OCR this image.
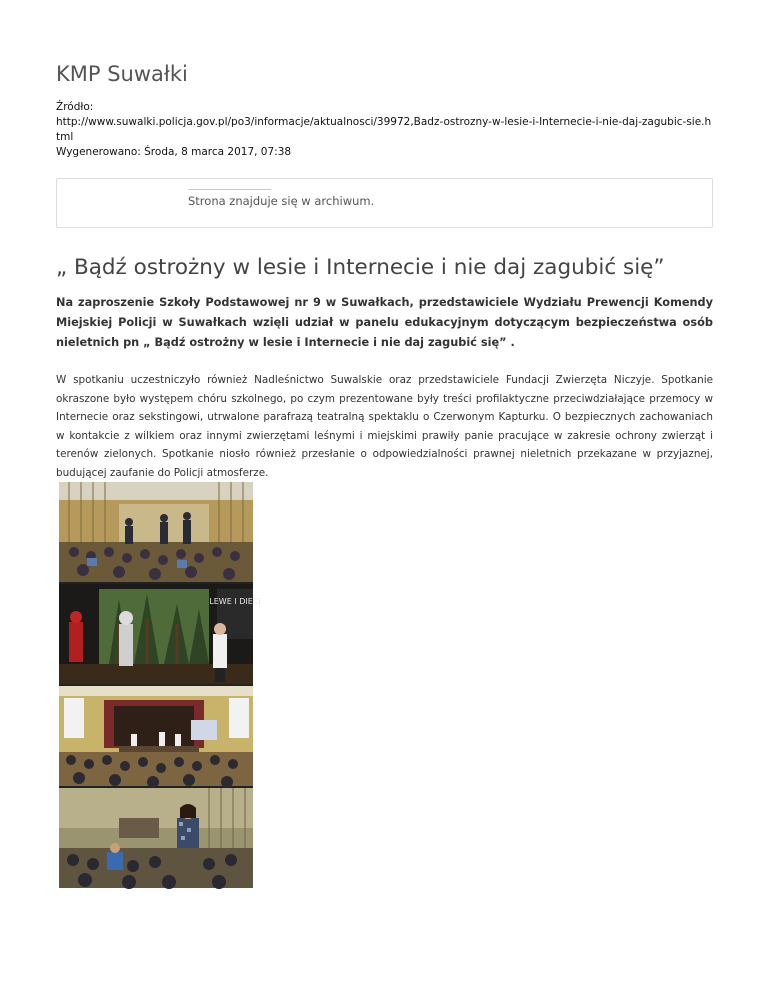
KMP Suwałki
Źródło:
http://www.suwalki.policja.gov.pl/po3/informacje/aktualnosci/39972,Badz-ostrozny-w-lesie-i-Internecie-i-nie-daj-zagubic-sie.html
Wygenerowano: Środa, 8 marca 2017, 07:38
Strona znajduje się w archiwum.
„ Bądź ostrożny w lesie i Internecie i nie daj zagubić się”

Na zaproszenie Szkoły Podstawowej nr 9 w Suwałkach, przedstawiciele Wydziału Prewencji Komendy Miejskiej Policji w Suwałkach wzięli udział w panelu edukacyjnym dotyczącym bezpieczeństwa osób nieletnich pn „ Bądź ostrożny w lesie i Internecie i nie daj zagubić się” .

W spotkaniu uczestniczyło również Nadleśnictwo Suwalskie oraz przedstawiciele Fundacji Zwierzęta Niczyje. Spotkanie okraszone było występem chóru szkolnego, po czym prezentowane były treści profilaktyczne przeciwdziałające przemocy w Internecie oraz sekstingowi, utrwalone parafrazą teatralną spektaklu o Czerwonym Kapturku. O bezpiecznych zachowaniach w kontakcie z wilkiem oraz innymi zwierzętami leśnymi i miejskimi prawiły panie pracujące w zakresie ochrony zwierząt i terenów zielonych. Spotkanie niosło również przesłanie o odpowiedzialności prawnej nieletnich przekazane w przyjaznej, budującej zaufanie do Policji atmosferze.

LEWE I DIECI
